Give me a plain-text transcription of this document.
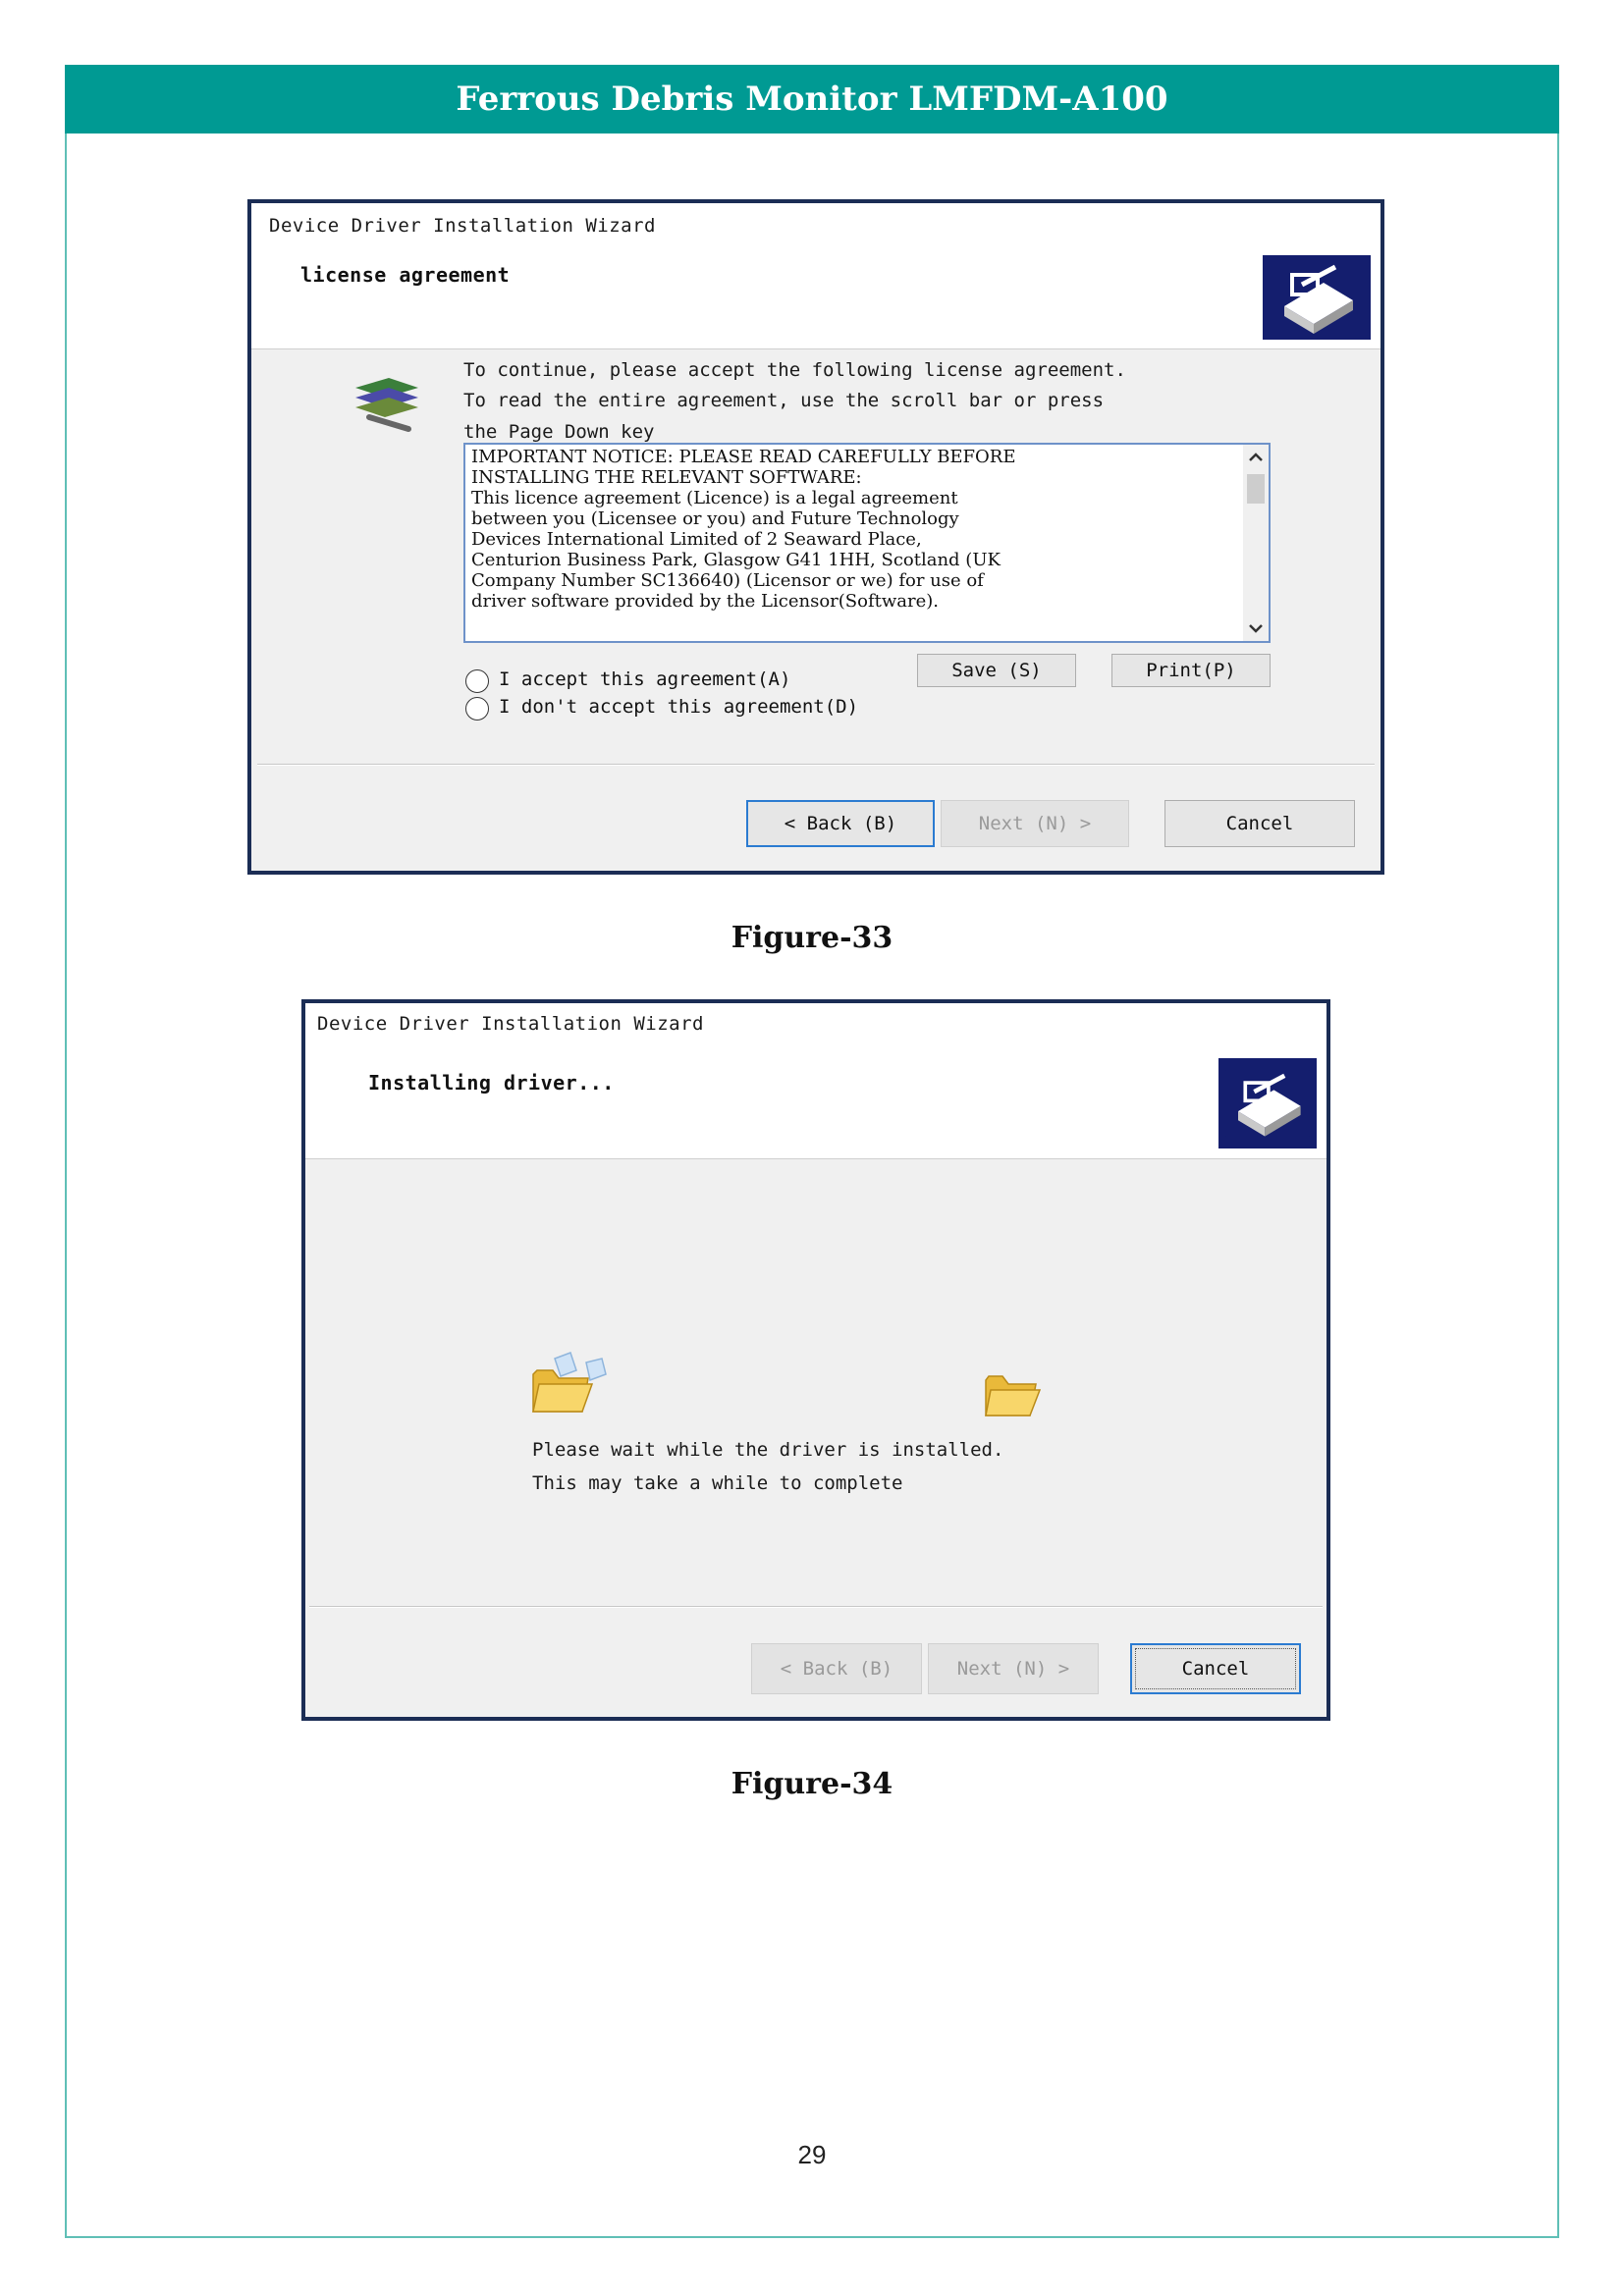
Ferrous Debris Monitor LMFDM-A100
Device Driver Installation Wizard
license agreement
To continue, please accept the following license agreement.
To read the entire agreement, use the scroll bar or press
the Page Down key
IMPORTANT NOTICE: PLEASE READ CAREFULLY BEFORE
INSTALLING THE RELEVANT SOFTWARE:
This licence agreement (Licence) is a legal agreement
between you (Licensee or you) and Future Technology
Devices International Limited of 2 Seaward Place,
Centurion Business Park, Glasgow G41 1HH, Scotland (UK
Company Number SC136640) (Licensor or we) for use of
driver software provided by the Licensor(Software).
I accept this agreement(A)
I don't accept this agreement(D)
Save (S)	Print(P)
< Back (B)	Next (N) >	Cancel
Figure-33
Device Driver Installation Wizard
Installing driver...
Please wait while the driver is installed.
This may take a while to complete
< Back (B)	Next (N) >	Cancel
Figure-34
29
